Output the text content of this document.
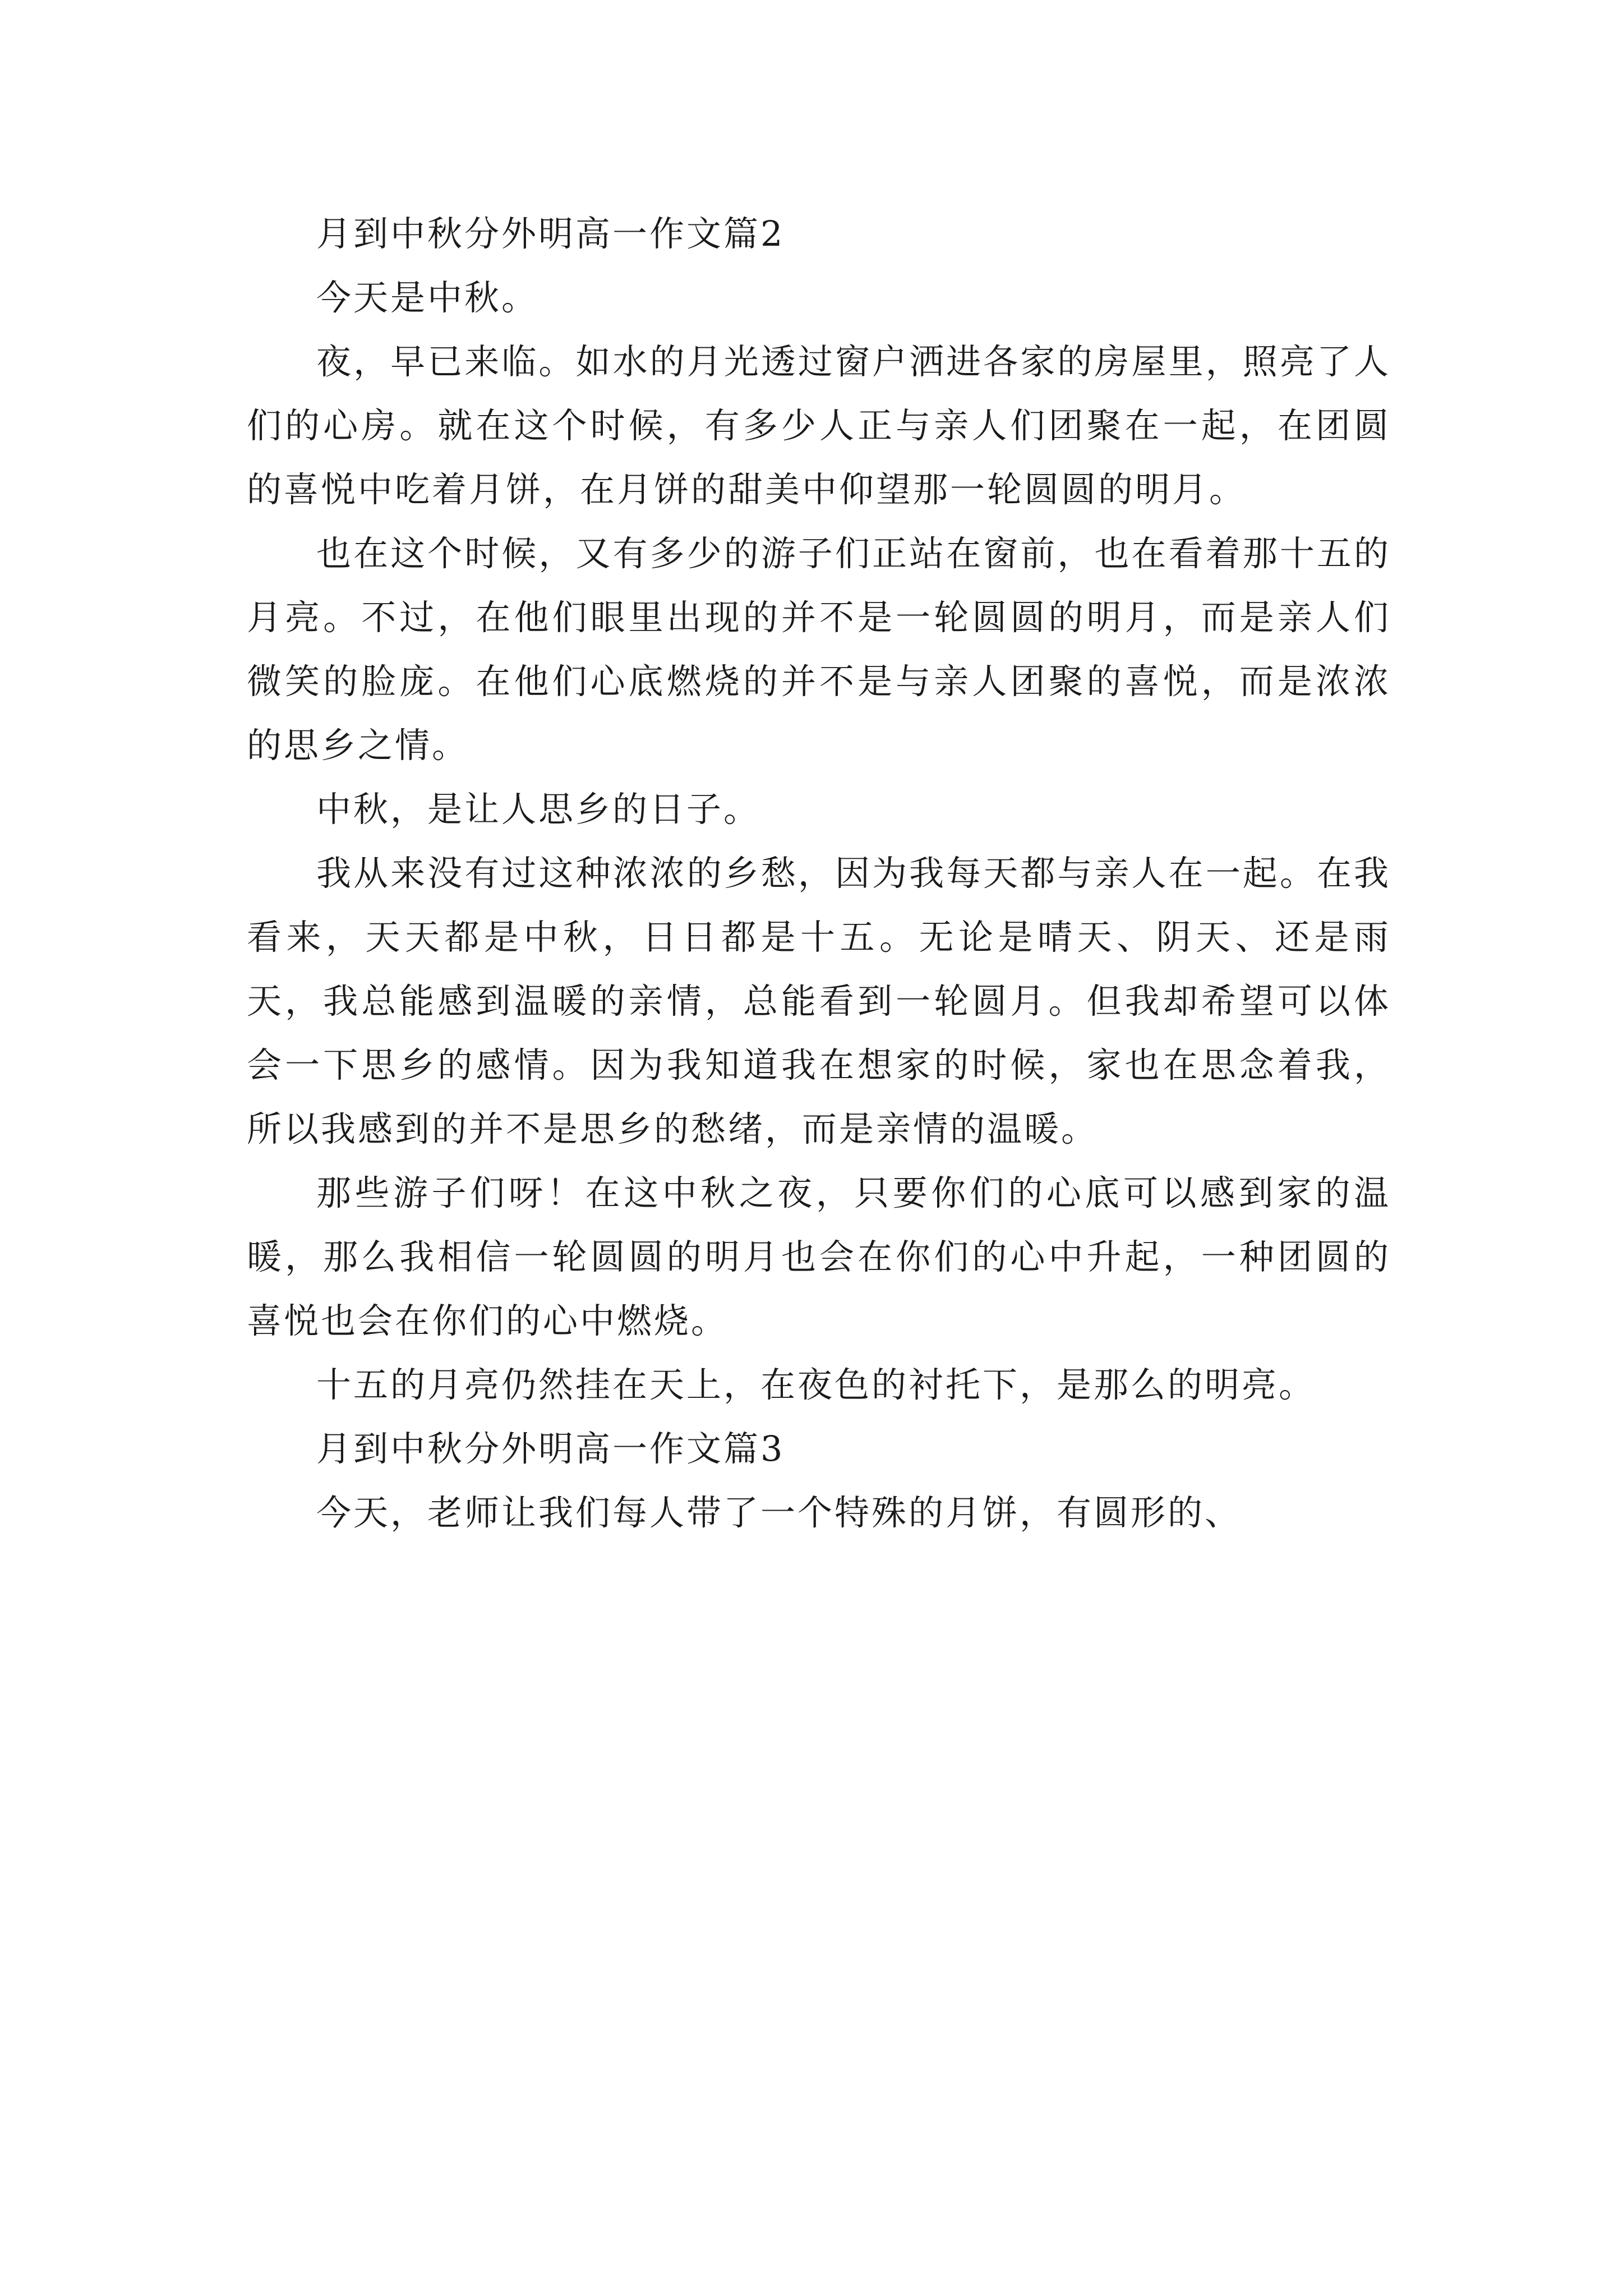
月到中秋分外明高一作文篇2

今天是中秋。

夜，早已来临。如水的月光透过窗户洒进各家的房屋里，照亮了人们的心房。就在这个时候，有多少人正与亲人们团聚在一起，在团圆的喜悦中吃着月饼，在月饼的甜美中仰望那一轮圆圆的明月。

也在这个时候，又有多少的游子们正站在窗前，也在看着那十五的月亮。不过，在他们眼里出现的并不是一轮圆圆的明月，而是亲人们微笑的脸庞。在他们心底燃烧的并不是与亲人团聚的喜悦，而是浓浓的思乡之情。

中秋，是让人思乡的日子。

我从来没有过这种浓浓的乡愁，因为我每天都与亲人在一起。在我看来，天天都是中秋，日日都是十五。无论是晴天、阴天、还是雨天，我总能感到温暖的亲情，总能看到一轮圆月。但我却希望可以体会一下思乡的感情。因为我知道我在想家的时候，家也在思念着我，所以我感到的并不是思乡的愁绪，而是亲情的温暖。

那些游子们呀！在这中秋之夜，只要你们的心底可以感到家的温暖，那么我相信一轮圆圆的明月也会在你们的心中升起，一种团圆的喜悦也会在你们的心中燃烧。

十五的月亮仍然挂在天上，在夜色的衬托下，是那么的明亮。

月到中秋分外明高一作文篇3

今天，老师让我们每人带了一个特殊的月饼，有圆形的、
